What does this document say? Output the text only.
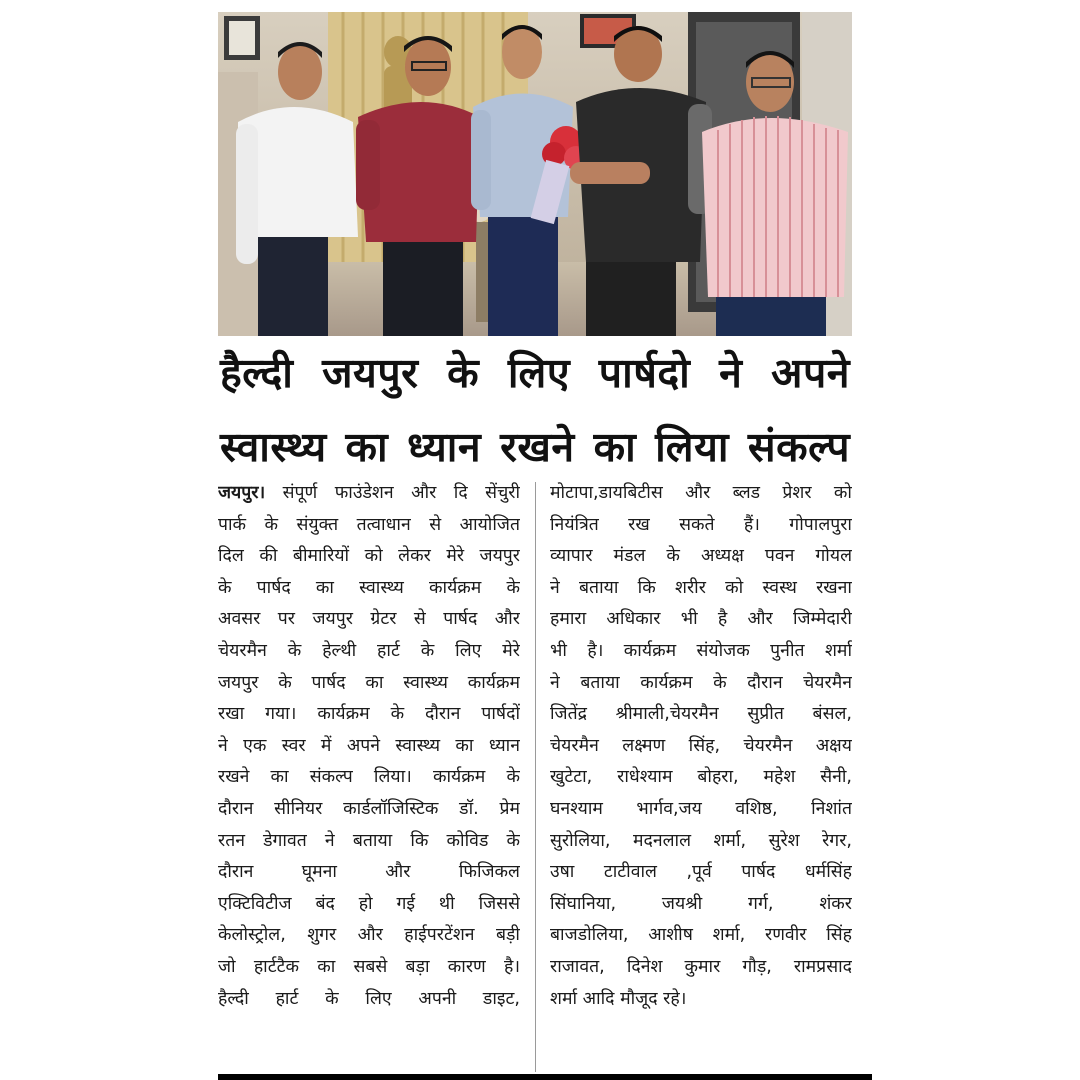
हैल्दी जयपुर के लिए पार्षदो ने अपने
स्वास्थ्य का ध्यान रखने का लिया संकल्प
जयपुर। संपूर्ण फाउंडेशन और दि सेंचुरी
पार्क के संयुक्त तत्वाधान से आयोजित
दिल की बीमारियों को लेकर मेरे जयपुर
के पार्षद का स्वास्थ्य कार्यक्रम के
अवसर पर जयपुर ग्रेटर से पार्षद और
चेयरमैन के हेल्थी हार्ट के लिए मेरे
जयपुर के पार्षद का स्वास्थ्य कार्यक्रम
रखा गया। कार्यक्रम के दौरान पार्षदों
ने एक स्वर में अपने स्वास्थ्य का ध्यान
रखने का संकल्प लिया। कार्यक्रम के
दौरान सीनियर कार्डलॉजिस्टिक डॉ. प्रेम
रतन डेगावत ने बताया कि कोविड के
दौरान घूमना और फिजिकल
एक्टिविटीज बंद हो गई थी जिससे
केलोस्ट्रोल, शुगर और हाईपरटेंशन बड़ी
जो हार्टटैक का सबसे बड़ा कारण है।
हैल्दी हार्ट के लिए अपनी डाइट,
मोटापा,डायबिटीस और ब्लड प्रेशर को
नियंत्रित रख सकते हैं। गोपालपुरा
व्यापार मंडल के अध्यक्ष पवन गोयल
ने बताया कि शरीर को स्वस्थ रखना
हमारा अधिकार भी है और जिम्मेदारी
भी है। कार्यक्रम संयोजक पुनीत शर्मा
ने बताया कार्यक्रम के दौरान चेयरमैन
जितेंद्र श्रीमाली,चेयरमैन सुप्रीत बंसल,
चेयरमैन लक्ष्मण सिंह, चेयरमैन अक्षय
खुटेटा, राधेश्याम बोहरा, महेश सैनी,
घनश्याम भार्गव,जय वशिष्ठ, निशांत
सुरोलिया, मदनलाल शर्मा, सुरेश रेगर,
उषा टाटीवाल ,पूर्व पार्षद धर्मसिंह
सिंघानिया, जयश्री गर्ग, शंकर
बाजडोलिया, आशीष शर्मा, रणवीर सिंह
राजावत, दिनेश कुमार गौड़, रामप्रसाद
शर्मा आदि मौजूद रहे।
